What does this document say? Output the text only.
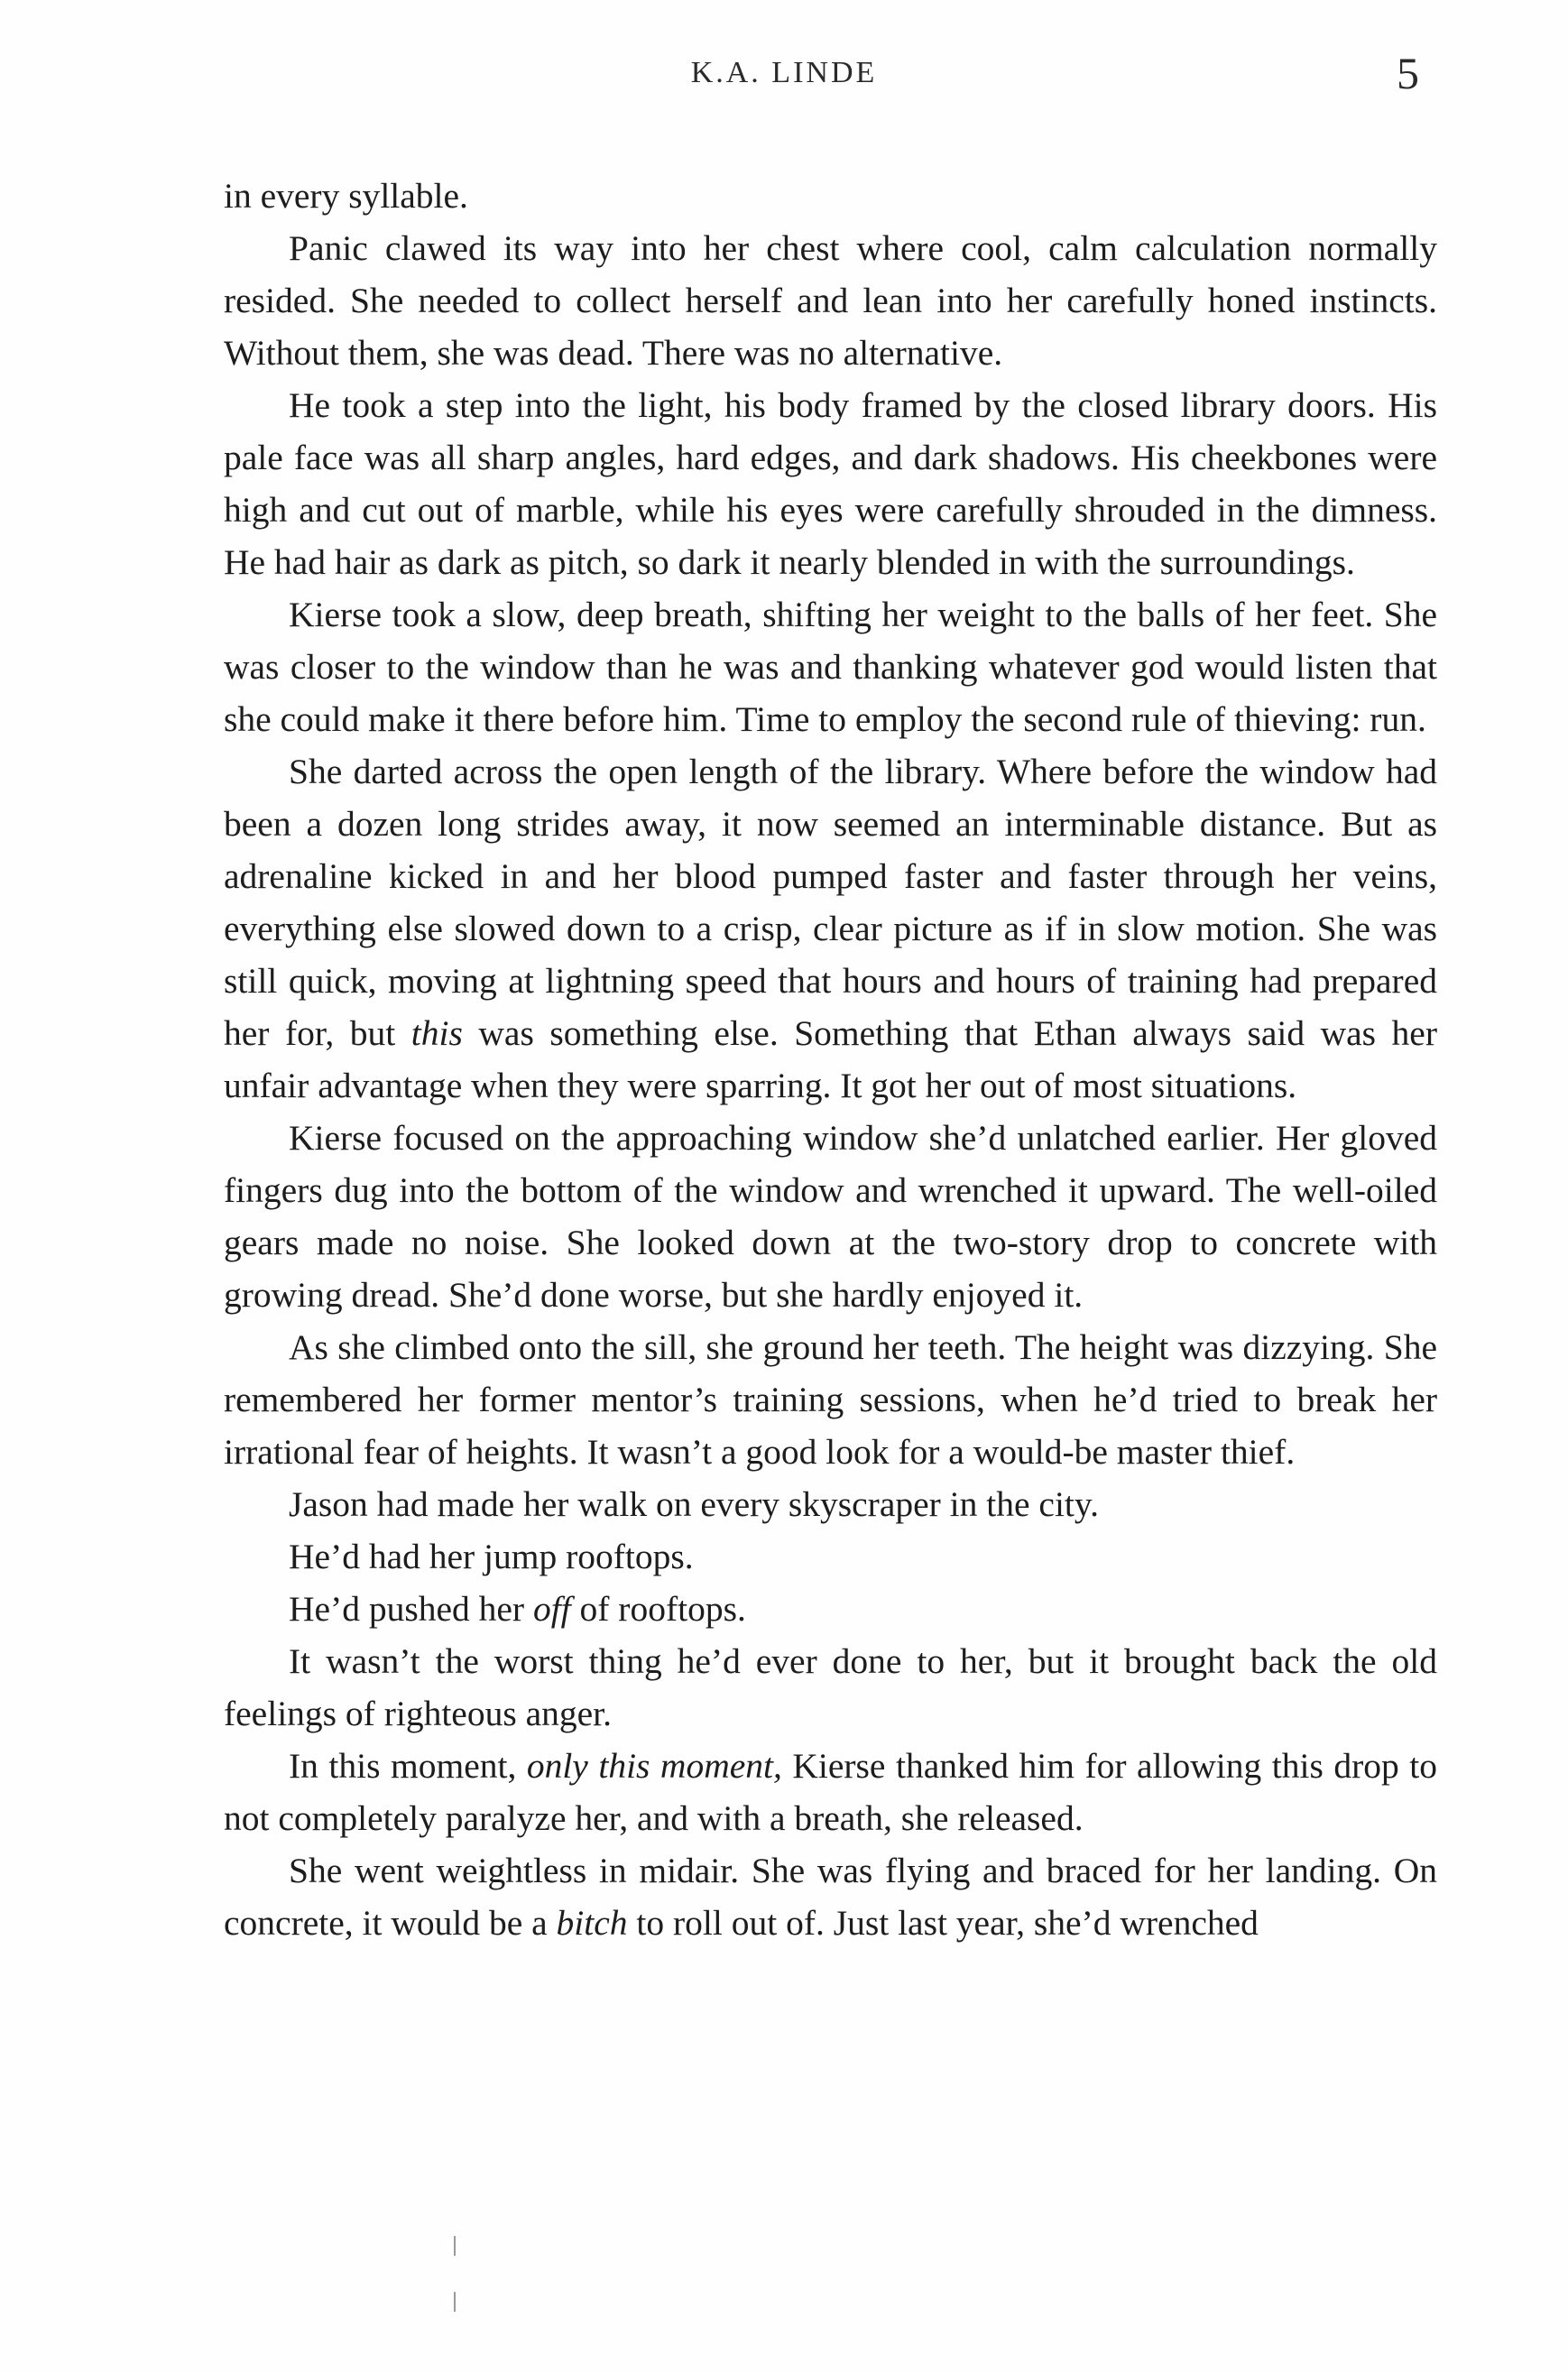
K.A. LINDE	5

in every syllable.

Panic clawed its way into her chest where cool, calm calculation normally resided. She needed to collect herself and lean into her carefully honed instincts. Without them, she was dead. There was no alternative.

He took a step into the light, his body framed by the closed library doors. His pale face was all sharp angles, hard edges, and dark shadows. His cheekbones were high and cut out of marble, while his eyes were carefully shrouded in the dimness. He had hair as dark as pitch, so dark it nearly blended in with the surroundings.

Kierse took a slow, deep breath, shifting her weight to the balls of her feet. She was closer to the window than he was and thanking whatever god would listen that she could make it there before him. Time to employ the second rule of thieving: run.

She darted across the open length of the library. Where before the window had been a dozen long strides away, it now seemed an interminable distance. But as adrenaline kicked in and her blood pumped faster and faster through her veins, everything else slowed down to a crisp, clear picture as if in slow motion. She was still quick, moving at lightning speed that hours and hours of training had prepared her for, but this was something else. Something that Ethan always said was her unfair advantage when they were sparring. It got her out of most situations.

Kierse focused on the approaching window she’d unlatched earlier. Her gloved fingers dug into the bottom of the window and wrenched it upward. The well-oiled gears made no noise. She looked down at the two-story drop to concrete with growing dread. She’d done worse, but she hardly enjoyed it.

As she climbed onto the sill, she ground her teeth. The height was dizzying. She remembered her former mentor’s training sessions, when he’d tried to break her irrational fear of heights. It wasn’t a good look for a would-be master thief.

Jason had made her walk on every skyscraper in the city.

He’d had her jump rooftops.

He’d pushed her off of rooftops.

It wasn’t the worst thing he’d ever done to her, but it brought back the old feelings of righteous anger.

In this moment, only this moment, Kierse thanked him for allowing this drop to not completely paralyze her, and with a breath, she released.

She went weightless in midair. She was flying and braced for her landing. On concrete, it would be a bitch to roll out of. Just last year, she’d wrenched
